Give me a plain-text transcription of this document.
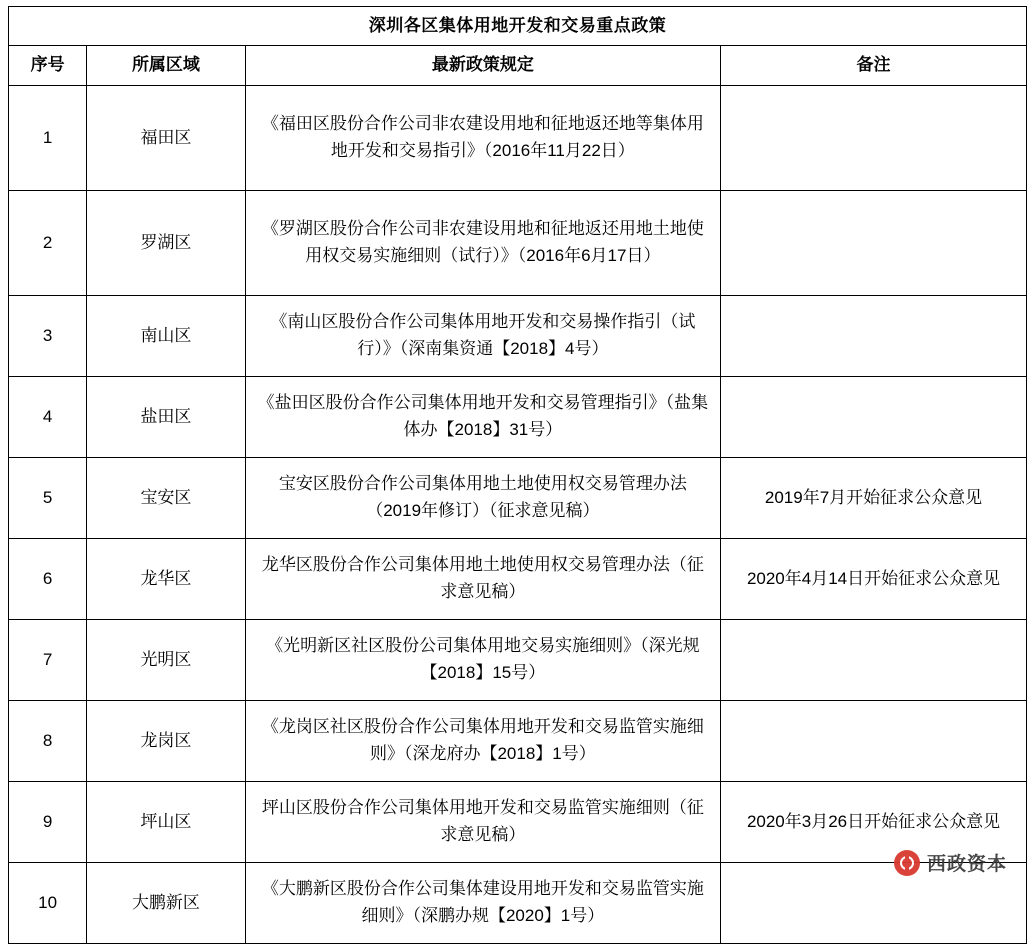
深圳各区集体用地开发和交易重点政策			
序号	所属区域	最新政策规定	备注
1	福田区	《福田区股份合作公司非农建设用地和征地返还地等集体用地开发和交易指引》（2016年11月22日）	
2	罗湖区	《罗湖区股份合作公司非农建设用地和征地返还用地土地使用权交易实施细则（试行）》（2016年6月17日）	
3	南山区	《南山区股份合作公司集体用地开发和交易操作指引（试行）》（深南集资通【2018】4号）	
4	盐田区	《盐田区股份合作公司集体用地开发和交易管理指引》（盐集体办【2018】31号）	
5	宝安区	宝安区股份合作公司集体用地土地使用权交易管理办法（2019年修订）（征求意见稿）	2019年7月开始征求公众意见
6	龙华区	龙华区股份合作公司集体用地土地使用权交易管理办法（征求意见稿）	2020年4月14日开始征求公众意见
7	光明区	《光明新区社区股份公司集体用地交易实施细则》（深光规【2018】15号）	
8	龙岗区	《龙岗区社区股份合作公司集体用地开发和交易监管实施细则》（深龙府办【2018】1号）	
9	坪山区	坪山区股份合作公司集体用地开发和交易监管实施细则（征求意见稿）	2020年3月26日开始征求公众意见
10	大鹏新区	《大鹏新区股份合作公司集体建设用地开发和交易监管实施细则》（深鹏办规【2020】1号）	
西政资本
